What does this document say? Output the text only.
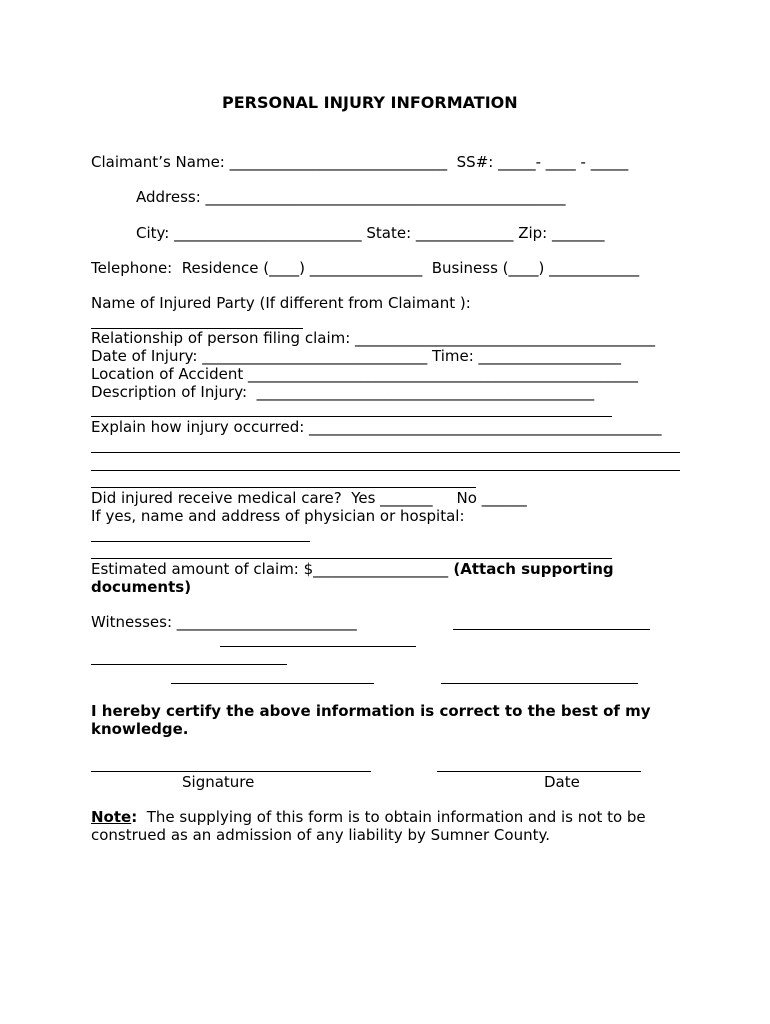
PERSONAL INJURY INFORMATION
Claimant’s Name: _____________________________  SS#: _____- ____ - _____
Address: ________________________________________________
City: _________________________ State: _____________ Zip: _______
Telephone:  Residence (____) _______________  Business (____) ____________
Name of Injured Party (If different from Claimant ):
Relationship of person filing claim: ________________________________________
Date of Injury: ______________________________ Time: ___________________
Location of Accident ____________________________________________________
Description of Injury:  _____________________________________________
Explain how injury occurred: _______________________________________________
Did injured receive medical care?  Yes _______     No ______
If yes, name and address of physician or hospital:
Estimated amount of claim: $__________________ (Attach supporting
documents)
Witnesses: ________________________
I hereby certify the above information is correct to the best of my
knowledge.
Signature	Date
Note:  The supplying of this form is to obtain information and is not to be
construed as an admission of any liability by Sumner County.
